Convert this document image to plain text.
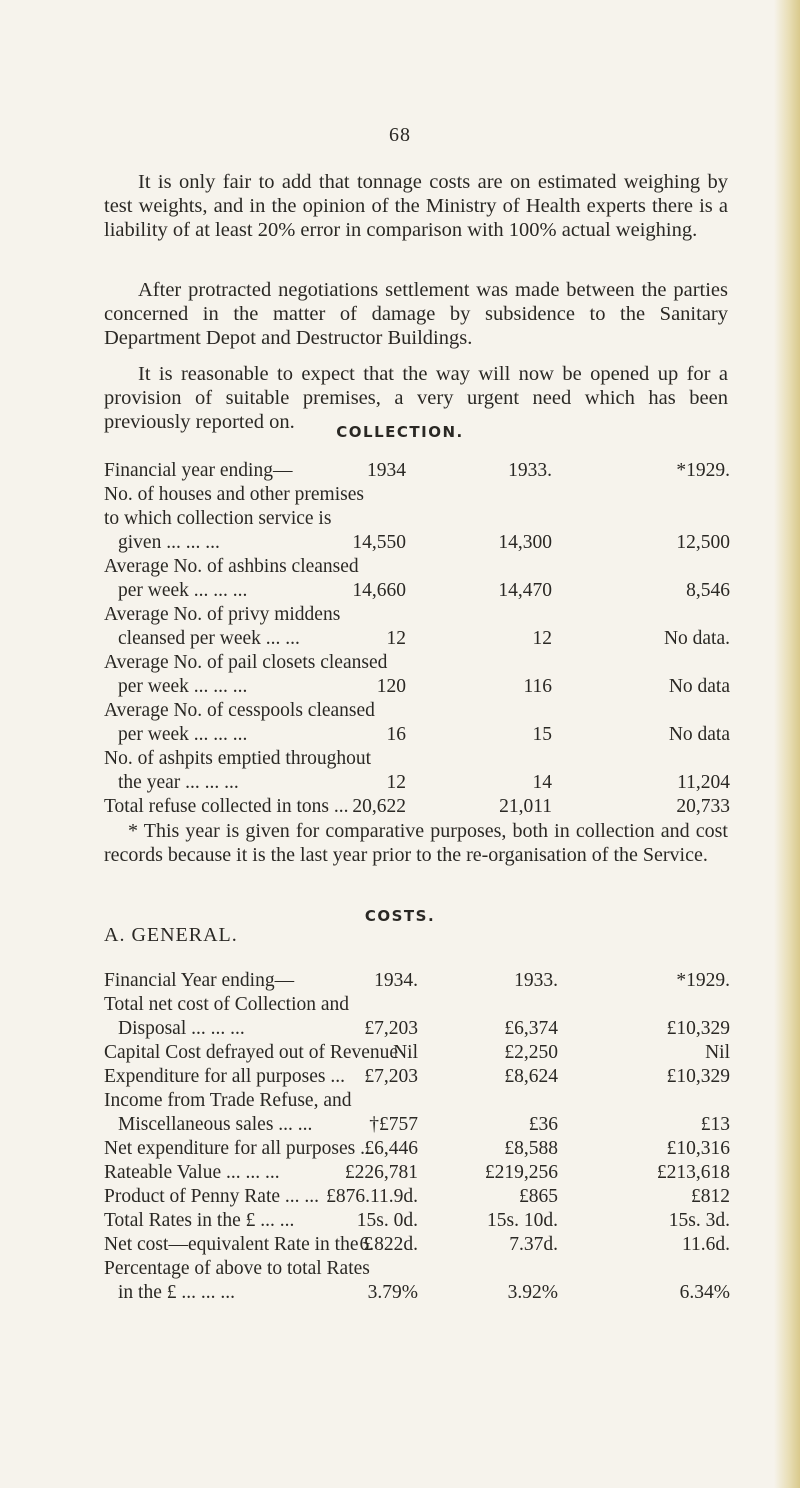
68

It is only fair to add that tonnage costs are on estimated weighing by test weights, and in the opinion of the Ministry of Health experts there is a liability of at least 20% error in comparison with 100% actual weighing.

After protracted negotiations settlement was made between the parties concerned in the matter of damage by subsidence to the Sanitary Department Depot and Destructor Buildings.

It is reasonable to expect that the way will now be opened up for a provision of suitable premises, a very urgent need which has been previously reported on.	COLLECTION.
Financial year ending—	1934	1933.	*1929.
No. of houses and other premises
to which collection service is
given ... ... ...	14,550	14,300	12,500
Average No. of ashbins cleansed
per week ... ... ...	14,660	14,470	8,546
Average No. of privy middens
cleansed per week ... ...	12	12	No data.
Average No. of pail closets cleansed
per week ... ... ...	120	116	No data
Average No. of cesspools cleansed
per week ... ... ...	16	15	No data
No. of ashpits emptied throughout
the year ... ... ...	12	14	11,204
Total refuse collected in tons ... 20,622	21,011	20,733

* This year is given for comparative purposes, both in collection and cost records because it is the last year prior to the re-organisation of the Service.

COSTS.
A. GENERAL.
Financial Year ending—	1934.	1933.	*1929.
Total net cost of Collection and
Disposal ... ... ...	£7,203	£6,374	£10,329
Capital Cost defrayed out of Revenue
Nil	£2,250	Nil
Expenditure for all purposes ... £7,203	£8,624	£10,329
Income from Trade Refuse, and
Miscellaneous sales ... ...	†£757	£36	£13
Net expenditure for all purposes ...
£6,446	£8,588	£10,316
Rateable Value ... ... ...	£226,781	£219,256	£213,618
Product of Penny Rate ... ... £876.11.9d.	£865	£812
Total Rates in the £ ... ...	15s. 0d.	15s. 10d.	15s. 3d.
Net cost—equivalent Rate in the £
6.822d.	7.37d.	11.6d.
Percentage of above to total Rates
in the £ ... ... ...	3.79%	3.92%	6.34%
